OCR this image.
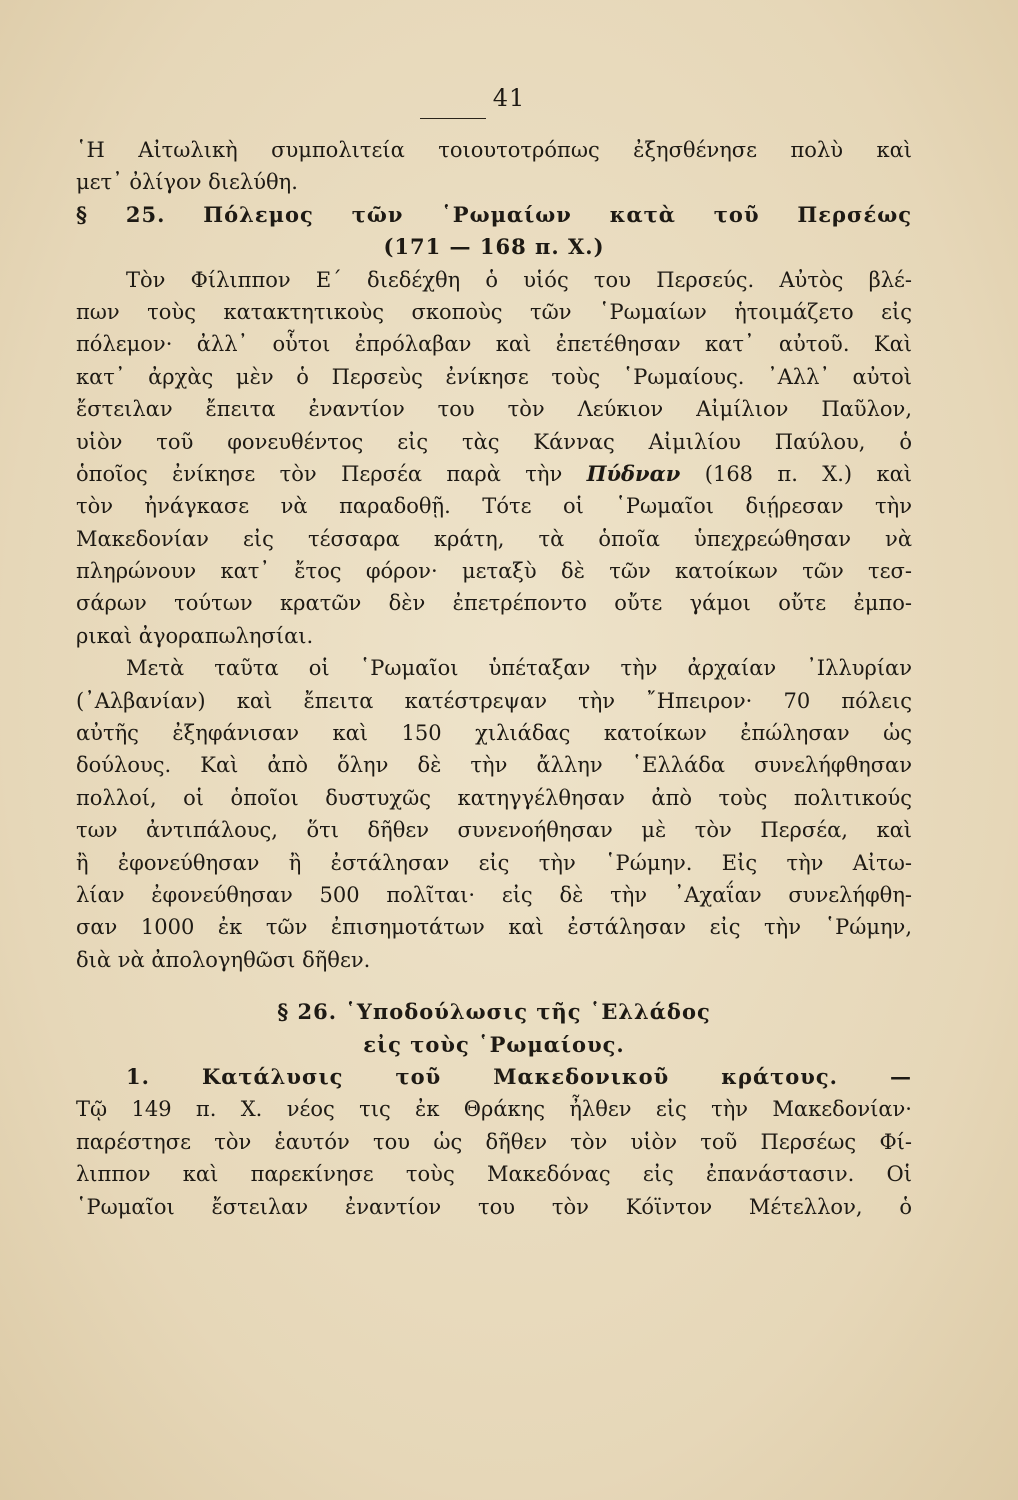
41
῾Η Αἰτωλικὴ συμπολιτεία τοιουτοτρόπως ἐξησθένησε πολὺ καὶ
μετ᾽ ὀλίγον διελύθη.
§ 25. Πόλεμος τῶν ῾Ρωμαίων κατὰ τοῦ Περσέως
(171 — 168 π. Χ.)
Τὸν Φίλιππον Ε´ διεδέχθη ὁ υἱός του Περσεύς. Αὐτὸς βλέ-
πων τοὺς κατακτητικοὺς σκοποὺς τῶν ῾Ρωμαίων ἡτοιμάζετο εἰς
πόλεμον· ἀλλ᾽ οὗτοι ἐπρόλαβαν καὶ ἐπετέθησαν κατ᾽ αὐτοῦ. Καὶ
κατ᾽ ἀρχὰς μὲν ὁ Περσεὺς ἐνίκησε τοὺς ῾Ρωμαίους. ᾽Αλλ᾽ αὐτοὶ
ἔστειλαν ἔπειτα ἐναντίον του τὸν Λεύκιον Αἰμίλιον Παῦλον,
υἱὸν τοῦ φονευθέντος εἰς τὰς Κάννας Αἰμιλίου Παύλου, ὁ
ὁποῖος ἐνίκησε τὸν Περσέα παρὰ τὴν Πύδναν (168 π. Χ.) καὶ
τὸν ἠνάγκασε νὰ παραδοθῇ. Τότε οἱ ῾Ρωμαῖοι διῄρεσαν τὴν
Μακεδονίαν εἰς τέσσαρα κράτη, τὰ ὁποῖα ὑπεχρεώθησαν νὰ
πληρώνουν κατ᾽ ἔτος φόρον· μεταξὺ δὲ τῶν κατοίκων τῶν τεσ-
σάρων τούτων κρατῶν δὲν ἐπετρέποντο οὔτε γάμοι οὔτε ἐμπο-
ρικαὶ ἀγοραπωλησίαι.
Μετὰ ταῦτα οἱ ῾Ρωμαῖοι ὑπέταξαν τὴν ἀρχαίαν ᾽Ιλλυρίαν
(᾽Αλβανίαν) καὶ ἔπειτα κατέστρεψαν τὴν ῎Ηπειρον· 70 πόλεις
αὐτῆς ἐξηφάνισαν καὶ 150 χιλιάδας κατοίκων ἐπώλησαν ὡς
δούλους. Καὶ ἀπὸ ὅλην δὲ τὴν ἄλλην ῾Ελλάδα συνελήφθησαν
πολλοί, οἱ ὁποῖοι δυστυχῶς κατηγγέλθησαν ἀπὸ τοὺς πολιτικούς
των ἀντιπάλους, ὅτι δῆθεν συνενοήθησαν μὲ τὸν Περσέα, καὶ
ἢ ἐφονεύθησαν ἢ ἐστάλησαν εἰς τὴν ῾Ρώμην. Εἰς τὴν Αἰτω-
λίαν ἐφονεύθησαν 500 πολῖται· εἰς δὲ τὴν ᾽Αχαΐαν συνελήφθη-
σαν 1000 ἐκ τῶν ἐπισημοτάτων καὶ ἐστάλησαν εἰς τὴν ῾Ρώμην,
διὰ νὰ ἀπολογηθῶσι δῆθεν.
§ 26. ῾Υποδούλωσις τῆς ῾Ελλάδος
εἰς τοὺς ῾Ρωμαίους.
1. Κατάλυσις τοῦ Μακεδονικοῦ κράτους. —
Τῷ 149 π. Χ. νέος τις ἐκ Θράκης ἦλθεν εἰς τὴν Μακεδονίαν·
παρέστησε τὸν ἑαυτόν του ὡς δῆθεν τὸν υἱὸν τοῦ Περσέως Φί-
λιππον καὶ παρεκίνησε τοὺς Μακεδόνας εἰς ἐπανάστασιν. Οἱ
῾Ρωμαῖοι ἔστειλαν ἐναντίον του τὸν Κόϊντον Μέτελλον, ὁ
